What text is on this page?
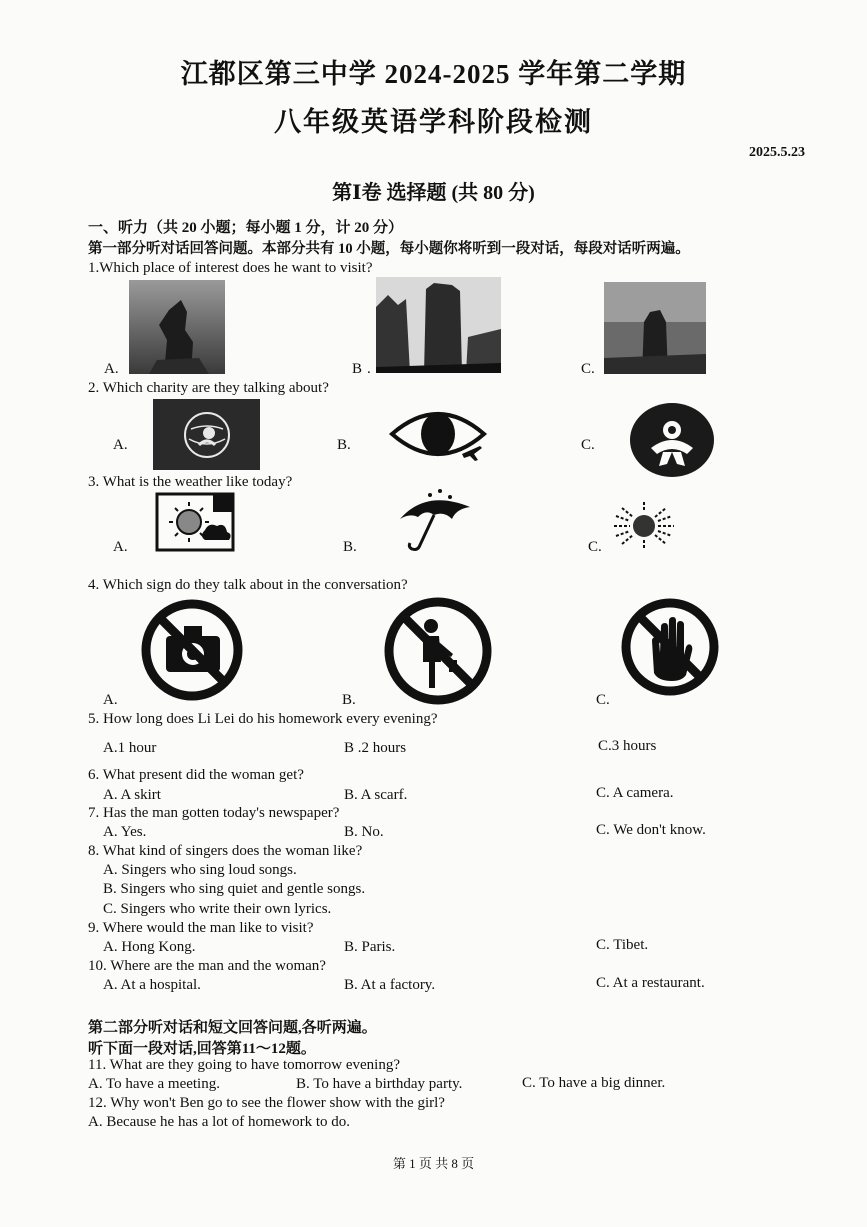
江都区第三中学 2024-2025 学年第二学期
八年级英语学科阶段检测
2025.5.23
第Ⅰ卷 选择题 (共 80 分)
一、听力（共 20 小题；每小题 1 分，计 20 分）
第一部分听对话回答问题。本部分共有 10 小题，每小题你将听到一段对话，每段对话听两遍。
1.Which place of interest does he want to visit?
A.	B .	C.
2. Which charity are they talking about?
A.	B.	C.
3. What is the weather like today?
A.	B.	C.
4. Which sign do they talk about in the conversation?
A.	B.	C.
5. How long does Li Lei do his homework every evening?
A.1 hour	B .2 hours	C.3 hours
6. What present did the woman get?
A. A skirt	B. A scarf.	C. A camera.
7. Has the man gotten today's newspaper?
A. Yes.	B. No.	C. We don't know.
8. What kind of singers does the woman like?
A. Singers who sing loud songs.
B. Singers who sing quiet and gentle songs.
C. Singers who write their own lyrics.
9. Where would the man like to visit?
A. Hong Kong.	B. Paris.	C. Tibet.
10. Where are the man and the woman?
A. At a hospital.	B. At a factory.	C. At a restaurant.
第二部分听对话和短文回答问题,各听两遍。
听下面一段对话,回答第11～12题。
11. What are they going to have tomorrow evening?
A. To have a meeting.	B. To have a birthday party.	C. To have a big dinner.
12. Why won't Ben go to see the flower show with the girl?
A. Because he has a lot of homework to do.
第 1 页 共 8 页
